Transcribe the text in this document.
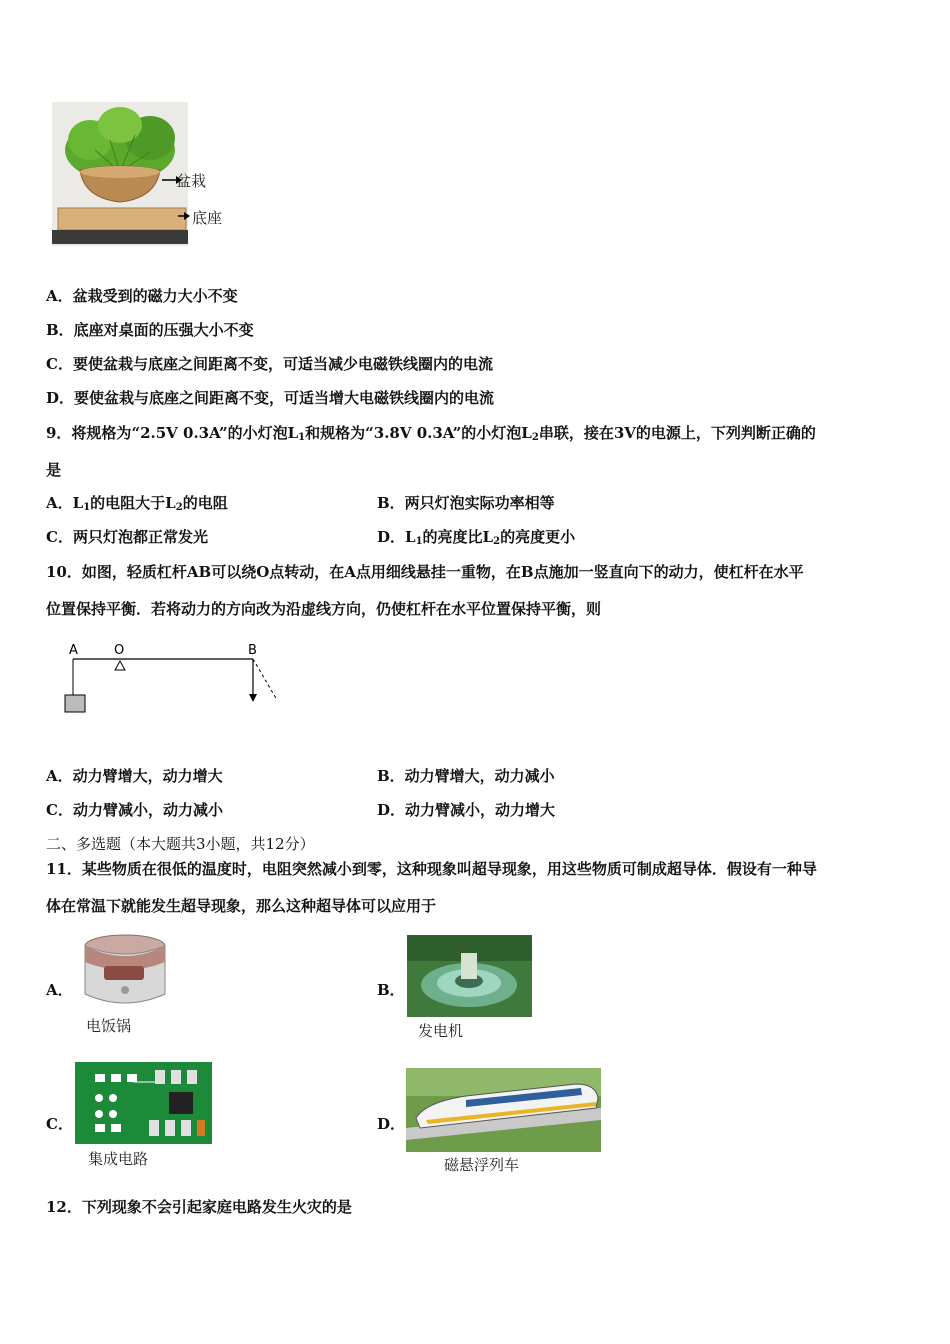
盆栽
底座
A．盆栽受到的磁力大小不变
B．底座对桌面的压强大小不变
C．要使盆栽与底座之间距离不变，可适当减少电磁铁线圈内的电流
D．要使盆栽与底座之间距离不变，可适当增大电磁铁线圈内的电流
9．将规格为“2.5V 0.3A”的小灯泡$L_1$和规格为“3.8V 0.3A”的小灯泡$L_2$串联，接在3V的电源上，下列判断正确的
是
A．$L_1$的电阻大于$L_2$的电阻	B．两只灯泡实际功率相等
C．两只灯泡都正常发光	D．$L_1$的亮度比$L_2$的亮度更小
10．如图，轻质杠杆AB可以绕O点转动，在A点用细线悬挂一重物，在B点施加一竖直向下的动力，使杠杆在水平
位置保持平衡．若将动力的方向改为沿虚线方向，仍使杠杆在水平位置保持平衡，则
A	O	B
A．动力臂增大，动力增大	B．动力臂增大，动力减小
C．动力臂减小，动力减小	D．动力臂减小，动力增大
二、多选题（本大题共3小题，共12分）
11．某些物质在很低的温度时，电阻突然减小到零，这种现象叫超导现象，用这些物质可制成超导体．假设有一种导
体在常温下就能发生超导现象，那么这种超导体可以应用于
A．
电饭锅
B．
发电机
C．
集成电路
D．
磁悬浮列车
12．下列现象不会引起家庭电路发生火灾的是
